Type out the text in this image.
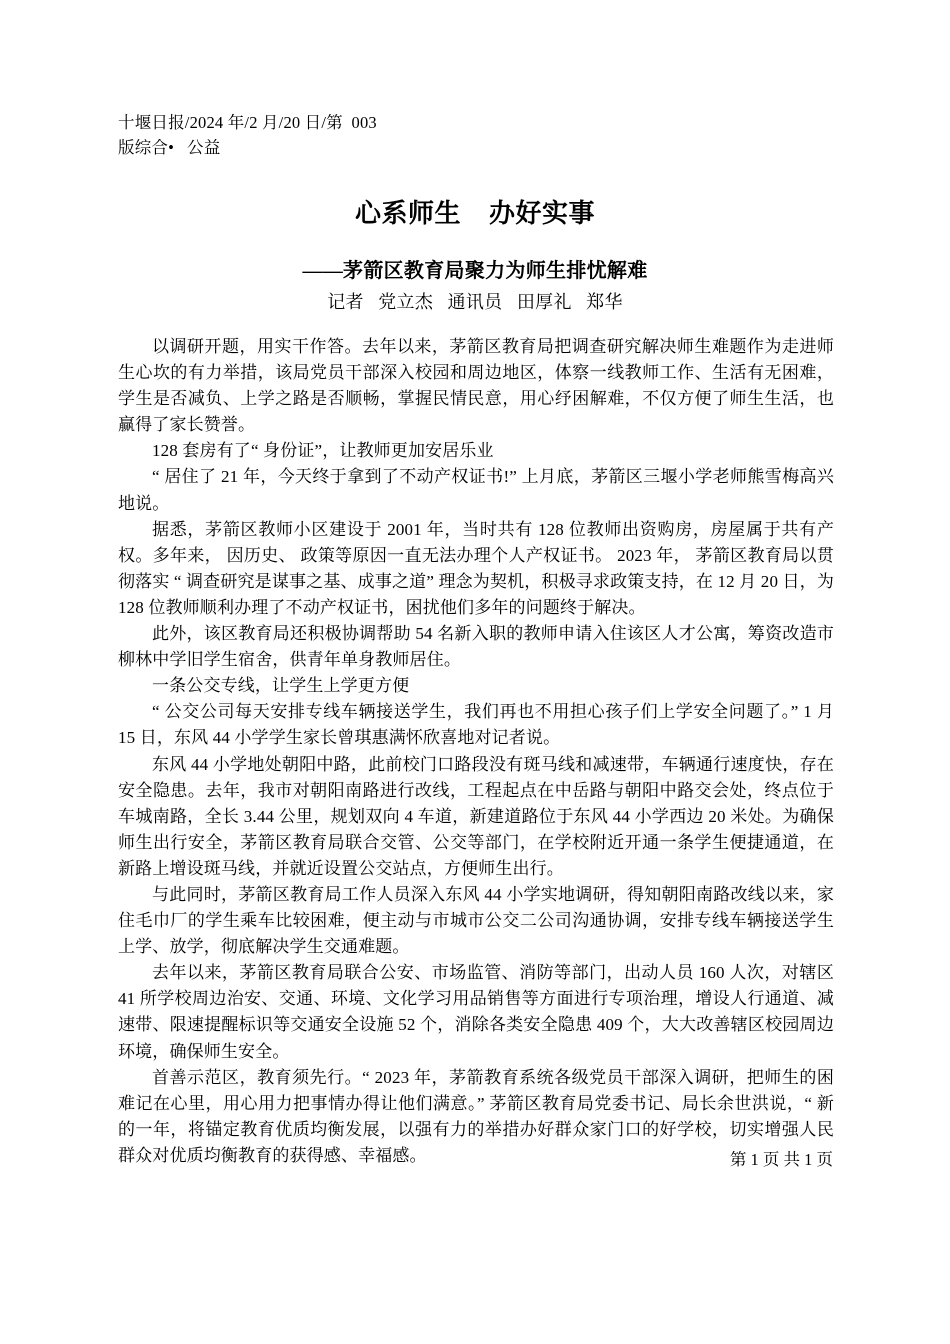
十堰日报/2024 年/2 月/20 日/第  003
版综合•   公益
心系师生    办好实事
——茅箭区教育局聚力为师生排忧解难
记者   党立杰   通讯员   田厚礼   郑华

以调研开题，用实干作答。去年以来，茅箭区教育局把调查研究解决师生难题作为走进师生心坎的有力举措，该局党员干部深入校园和周边地区，体察一线教师工作、生活有无困难，学生是否减负、上学之路是否顺畅，掌握民情民意，用心纾困解难，不仅方便了师生生活，也赢得了家长赞誉。

128 套房有了“ 身份证”，让教师更加安居乐业

“ 居住了 21 年，今天终于拿到了不动产权证书!” 上月底，茅箭区三堰小学老师熊雪梅高兴地说。

据悉，茅箭区教师小区建设于 2001 年，当时共有 128 位教师出资购房，房屋属于共有产权。多年来， 因历史、 政策等原因一直无法办理个人产权证书。 2023 年， 茅箭区教育局以贯彻落实 “ 调查研究是谋事之基、成事之道” 理念为契机，积极寻求政策支持，在 12 月 20 日，为 128 位教师顺利办理了不动产权证书，困扰他们多年的问题终于解决。

此外，该区教育局还积极协调帮助 54 名新入职的教师申请入住该区人才公寓，筹资改造市柳林中学旧学生宿舍，供青年单身教师居住。

一条公交专线，让学生上学更方便

“ 公交公司每天安排专线车辆接送学生，我们再也不用担心孩子们上学安全问题了。” 1 月 15 日，东风 44 小学学生家长曾琪惠满怀欣喜地对记者说。

东风 44 小学地处朝阳中路，此前校门口路段没有斑马线和减速带，车辆通行速度快，存在安全隐患。去年，我市对朝阳南路进行改线，工程起点在中岳路与朝阳中路交会处，终点位于车城南路，全长 3.44 公里，规划双向 4 车道，新建道路位于东风 44 小学西边 20 米处。为确保师生出行安全，茅箭区教育局联合交管、公交等部门，在学校附近开通一条学生便捷通道，在新路上增设斑马线，并就近设置公交站点，方便师生出行。

与此同时，茅箭区教育局工作人员深入东风 44 小学实地调研，得知朝阳南路改线以来，家住毛巾厂的学生乘车比较困难，便主动与市城市公交二公司沟通协调，安排专线车辆接送学生上学、放学，彻底解决学生交通难题。

去年以来，茅箭区教育局联合公安、市场监管、消防等部门，出动人员 160 人次，对辖区 41 所学校周边治安、交通、环境、文化学习用品销售等方面进行专项治理，增设人行通道、减速带、限速提醒标识等交通安全设施 52 个，消除各类安全隐患 409 个，大大改善辖区校园周边环境，确保师生安全。

首善示范区，教育须先行。“ 2023 年，茅箭教育系统各级党员干部深入调研，把师生的困难记在心里，用心用力把事情办得让他们满意。” 茅箭区教育局党委书记、局长余世洪说，“ 新的一年，将锚定教育优质均衡发展，以强有力的举措办好群众家门口的好学校，切实增强人民群众对优质均衡教育的获得感、幸福感。	第 1 页 共 1 页
